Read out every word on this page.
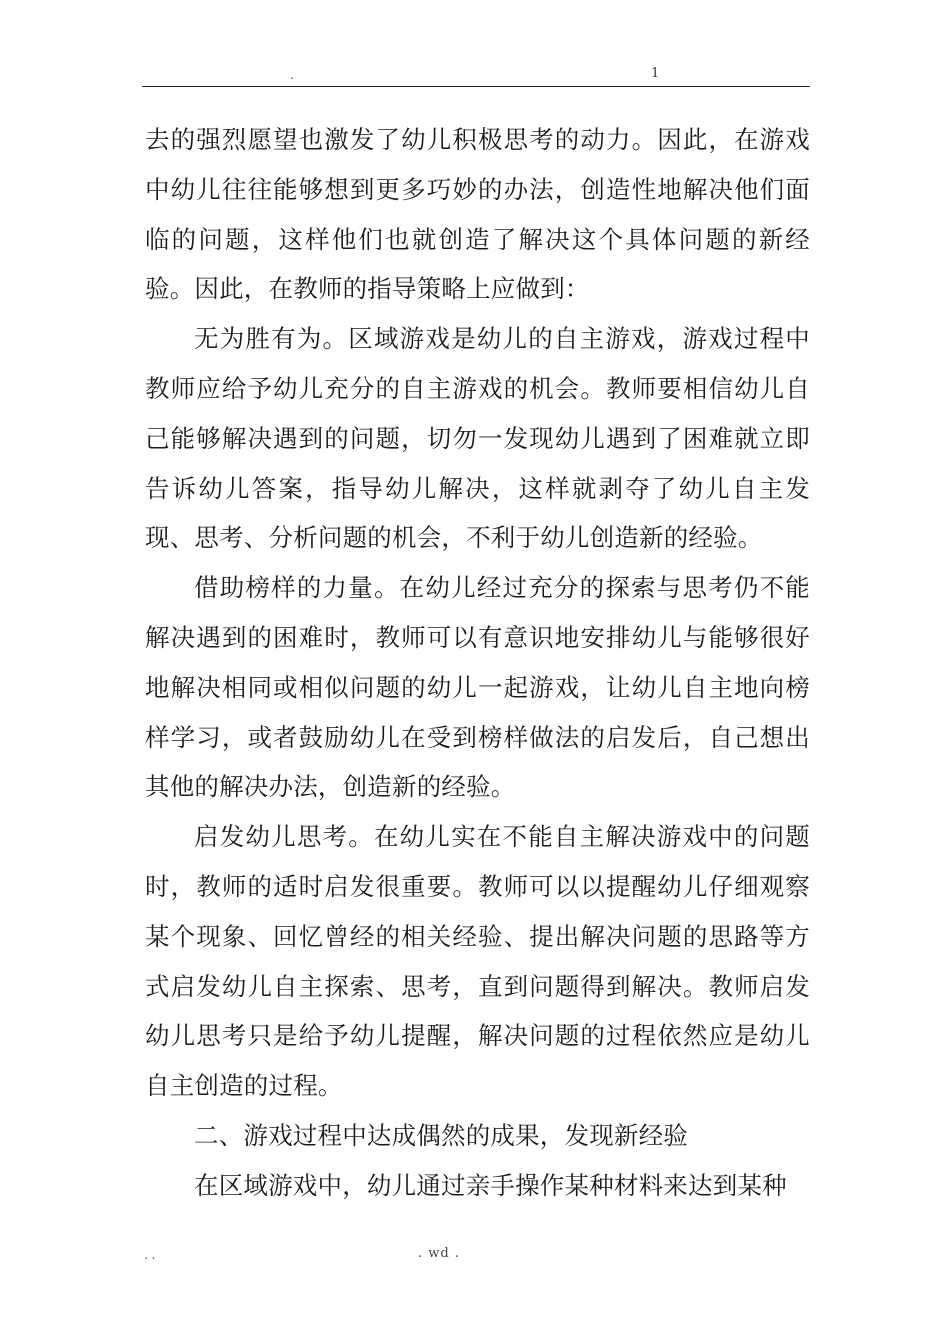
.	1

去的强烈愿望也激发了幼儿积极思考的动力。因此，在游戏中幼儿往往能够想到更多巧妙的办法，创造性地解决他们面临的问题，这样他们也就创造了解决这个具体问题的新经验。因此，在教师的指导策略上应做到：

无为胜有为。区域游戏是幼儿的自主游戏，游戏过程中教师应给予幼儿充分的自主游戏的机会。教师要相信幼儿自己能够解决遇到的问题，切勿一发现幼儿遇到了困难就立即告诉幼儿答案，指导幼儿解决，这样就剥夺了幼儿自主发现、思考、分析问题的机会，不利于幼儿创造新的经验。

借助榜样的力量。在幼儿经过充分的探索与思考仍不能解决遇到的困难时，教师可以有意识地安排幼儿与能够很好地解决相同或相似问题的幼儿一起游戏，让幼儿自主地向榜样学习，或者鼓励幼儿在受到榜样做法的启发后，自己想出其他的解决办法，创造新的经验。

启发幼儿思考。在幼儿实在不能自主解决游戏中的问题时，教师的适时启发很重要。教师可以以提醒幼儿仔细观察某个现象、回忆曾经的相关经验、提出解决问题的思路等方式启发幼儿自主探索、思考，直到问题得到解决。教师启发幼儿思考只是给予幼儿提醒，解决问题的过程依然应是幼儿自主创造的过程。

二、游戏过程中达成偶然的成果，发现新经验

在区域游戏中，幼儿通过亲手操作某种材料来达到某种

. .	. wd .
